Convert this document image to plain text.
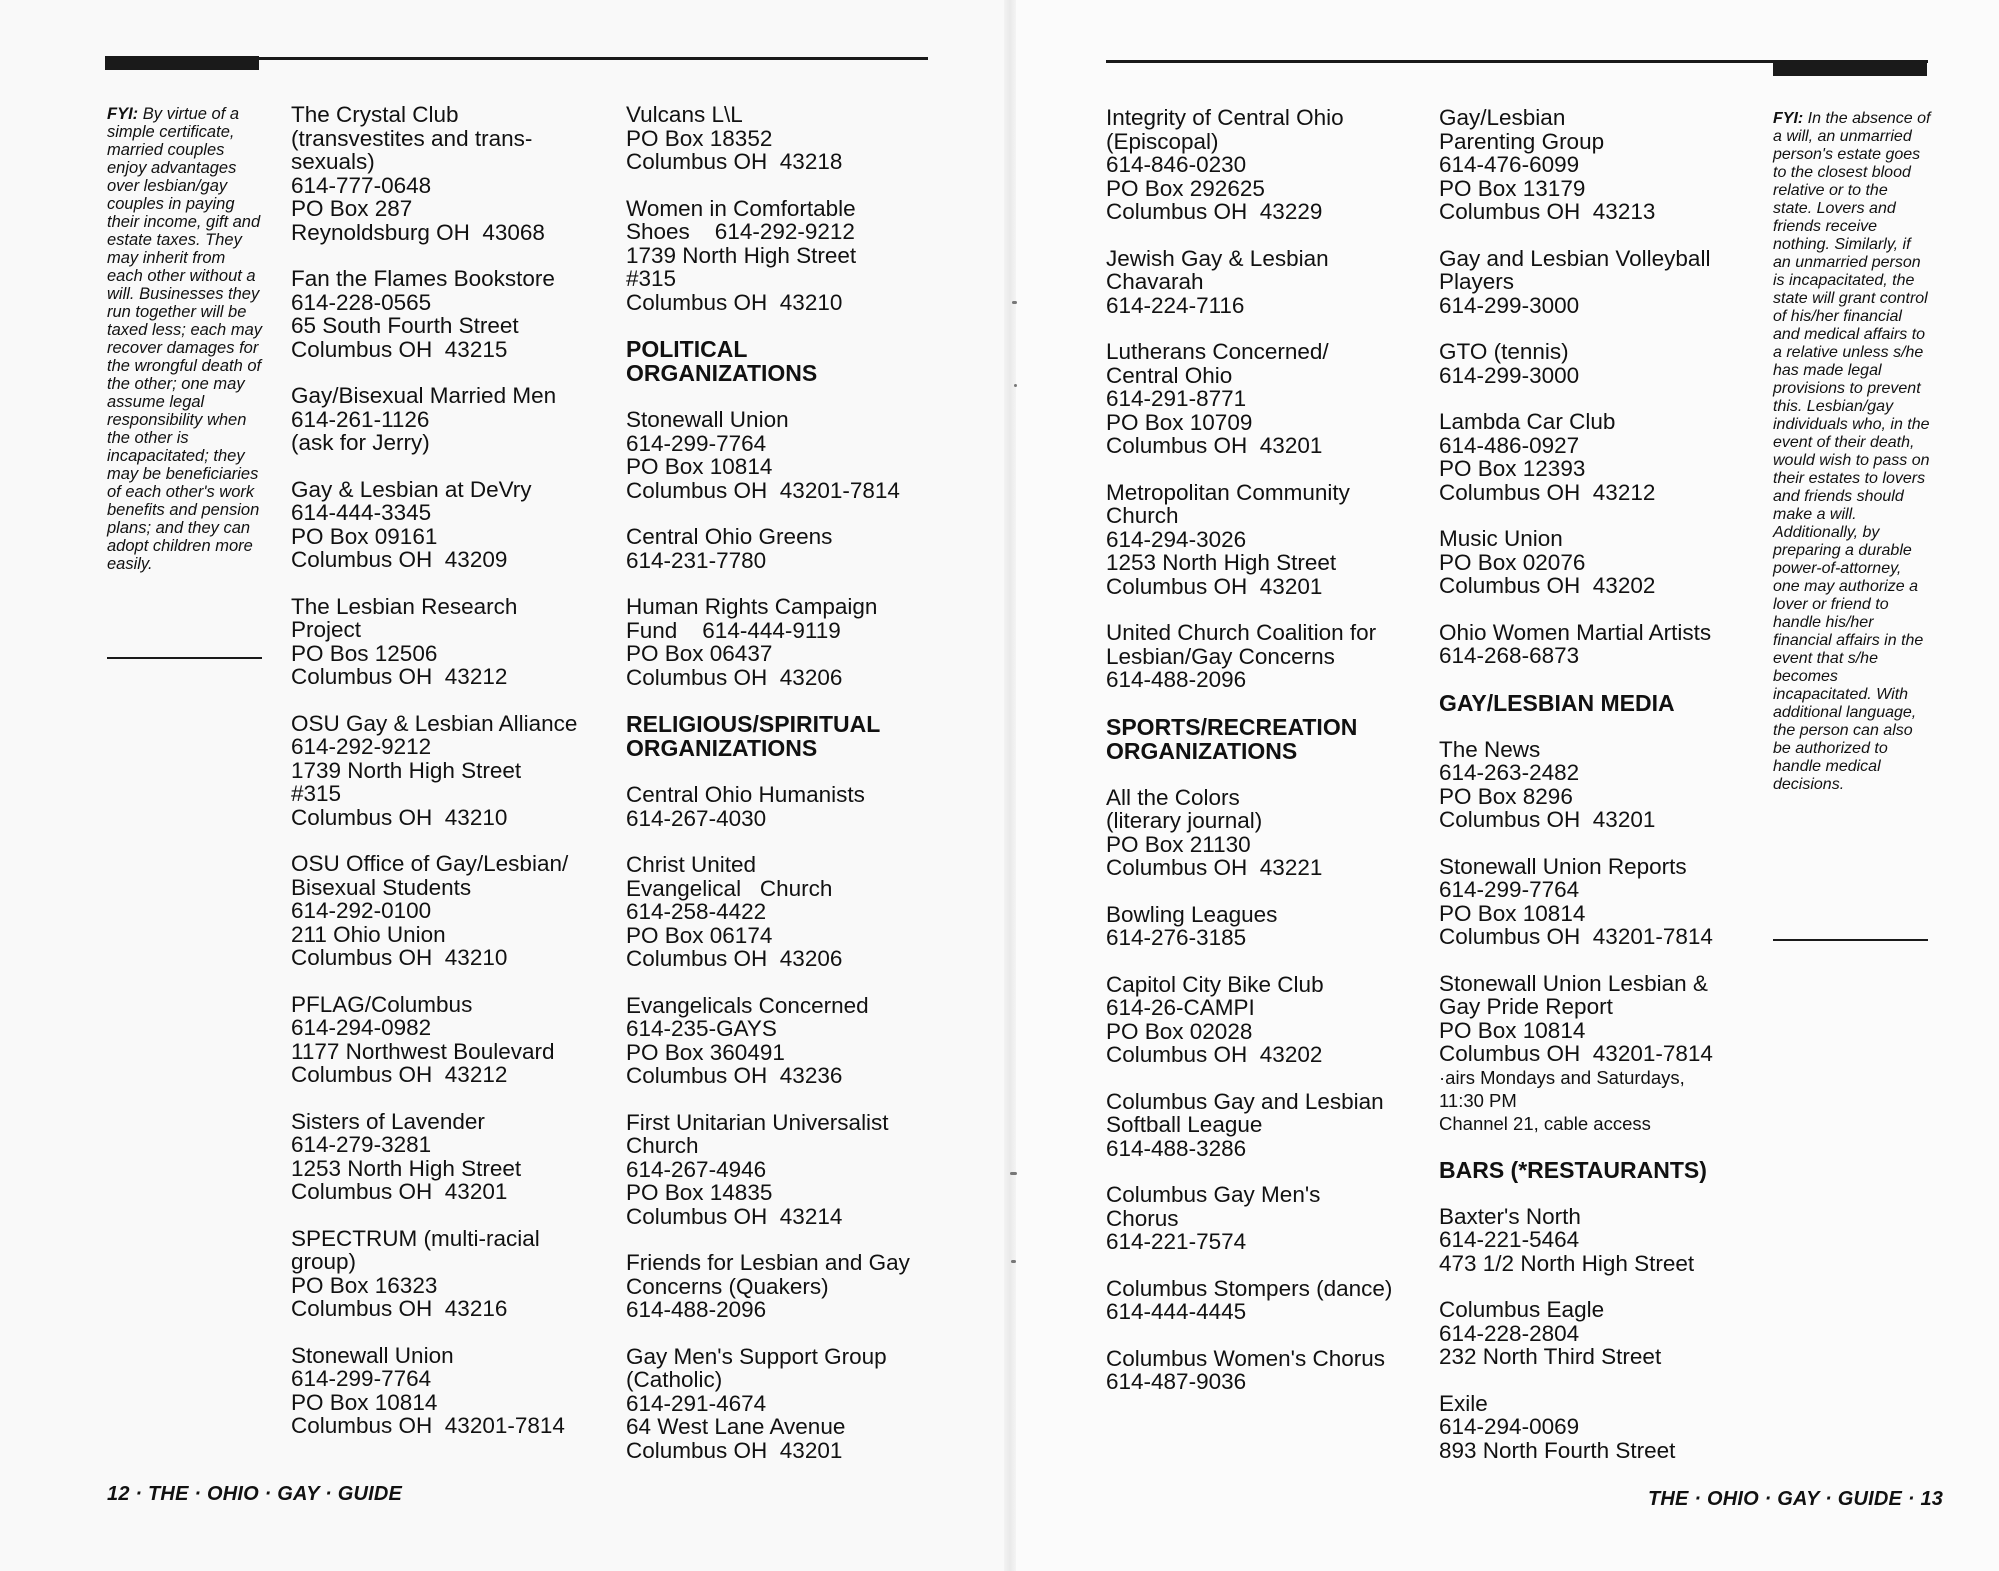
FYI: By virtue of a simple certificate, married couples enjoy advantages over lesbian/gay couples in paying their income, gift and estate taxes. They may inherit from each other without a will. Businesses they run together will be taxed less; each may recover damages for the wrongful death of the other; one may assume legal responsibility when the other is incapacitated; they may be beneficiaries of each other's work benefits and pension plans; and they can adopt children more easily.
The Crystal Club
(transvestites and trans-
sexuals)
614-777-0648
PO Box 287
Reynoldsburg OH  43068
Fan the Flames Bookstore
614-228-0565
65 South Fourth Street
Columbus OH  43215
Gay/Bisexual Married Men
614-261-1126
(ask for Jerry)
Gay & Lesbian at DeVry
614-444-3345
PO Box 09161
Columbus OH  43209
The Lesbian Research
Project
PO Bos 12506
Columbus OH  43212
OSU Gay & Lesbian Alliance
614-292-9212
1739 North High Street
#315
Columbus OH  43210
OSU Office of Gay/Lesbian/
Bisexual Students
614-292-0100
211 Ohio Union
Columbus OH  43210
PFLAG/Columbus
614-294-0982
1177 Northwest Boulevard
Columbus OH  43212
Sisters of Lavender
614-279-3281
1253 North High Street
Columbus OH  43201
SPECTRUM (multi-racial
group)
PO Box 16323
Columbus OH  43216
Stonewall Union
614-299-7764
PO Box 10814
Columbus OH  43201-7814
Vulcans L\L
PO Box 18352
Columbus OH  43218
Women in Comfortable
Shoes    614-292-9212
1739 North High Street
#315
Columbus OH  43210
POLITICAL
ORGANIZATIONS
Stonewall Union
614-299-7764
PO Box 10814
Columbus OH  43201-7814
Central Ohio Greens
614-231-7780
Human Rights Campaign
Fund    614-444-9119
PO Box 06437
Columbus OH  43206
RELIGIOUS/SPIRITUAL
ORGANIZATIONS
Central Ohio Humanists
614-267-4030
Christ United
Evangelical   Church
614-258-4422
PO Box 06174
Columbus OH  43206
Evangelicals Concerned
614-235-GAYS
PO Box 360491
Columbus OH  43236
First Unitarian Universalist
Church
614-267-4946
PO Box 14835
Columbus OH  43214
Friends for Lesbian and Gay
Concerns (Quakers)
614-488-2096
Gay Men's Support Group
(Catholic)
614-291-4674
64 West Lane Avenue
Columbus OH  43201
Integrity of Central Ohio
(Episcopal)
614-846-0230
PO Box 292625
Columbus OH  43229
Jewish Gay & Lesbian
Chavarah
614-224-7116
Lutherans Concerned/
Central Ohio
614-291-8771
PO Box 10709
Columbus OH  43201
Metropolitan Community
Church
614-294-3026
1253 North High Street
Columbus OH  43201
United Church Coalition for
Lesbian/Gay Concerns
614-488-2096
SPORTS/RECREATION
ORGANIZATIONS
All the Colors
(literary journal)
PO Box 21130
Columbus OH  43221
Bowling Leagues
614-276-3185
Capitol City Bike Club
614-26-CAMPI
PO Box 02028
Columbus OH  43202
Columbus Gay and Lesbian
Softball League
614-488-3286
Columbus Gay Men's
Chorus
614-221-7574
Columbus Stompers (dance)
614-444-4445
Columbus Women's Chorus
614-487-9036
Gay/Lesbian
Parenting Group
614-476-6099
PO Box 13179
Columbus OH  43213
Gay and Lesbian Volleyball
Players
614-299-3000
GTO (tennis)
614-299-3000
Lambda Car Club
614-486-0927
PO Box 12393
Columbus OH  43212
Music Union
PO Box 02076
Columbus OH  43202
Ohio Women Martial Artists
614-268-6873
GAY/LESBIAN MEDIA
The News
614-263-2482
PO Box 8296
Columbus OH  43201
Stonewall Union Reports
614-299-7764
PO Box 10814
Columbus OH  43201-7814
Stonewall Union Lesbian &
Gay Pride Report
PO Box 10814
Columbus OH  43201-7814
·airs Mondays and Saturdays,
11:30 PM
Channel 21, cable access
BARS (*RESTAURANTS)
Baxter's North
614-221-5464
473 1/2 North High Street
Columbus Eagle
614-228-2804
232 North Third Street
Exile
614-294-0069
893 North Fourth Street
FYI: In the absence of a will, an unmarried person's estate goes to the closest blood relative or to the state. Lovers and friends receive nothing. Similarly, if an unmarried person is incapacitated, the state will grant control of his/her financial and medical affairs to a relative unless s/he has made legal provisions to prevent this. Lesbian/gay individuals who, in the event of their death, would wish to pass on their estates to lovers and friends should make a will. Additionally, by preparing a durable power-of-attorney, one may authorize a lover or friend to handle his/her financial affairs in the event that s/he becomes incapacitated. With additional language, the person can also be authorized to handle medical decisions.
12 · THE · OHIO · GAY · GUIDE	THE · OHIO · GAY · GUIDE · 13
